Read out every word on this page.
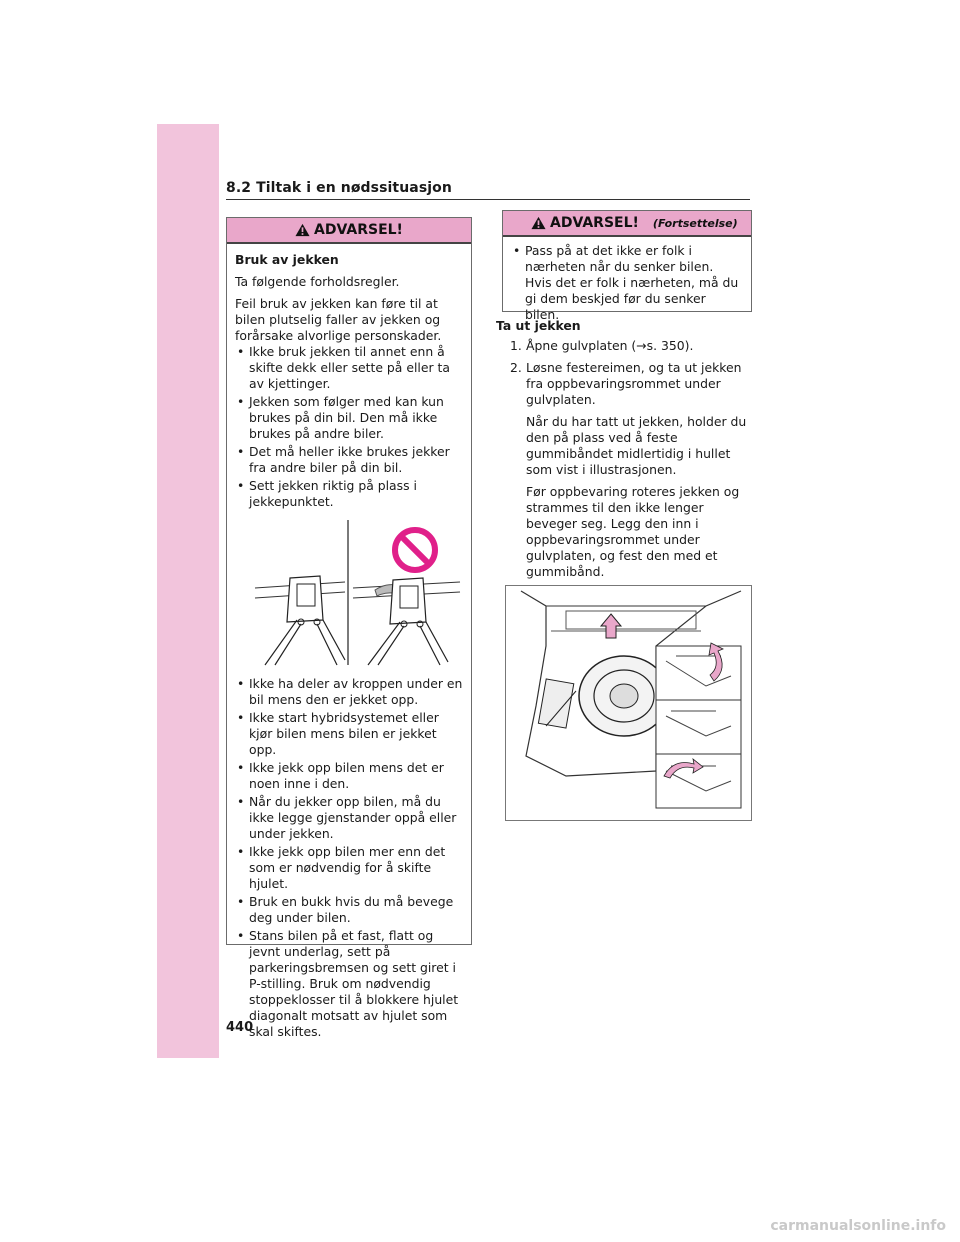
8.2 Tiltak i en nødssituasjon
ADVARSEL!

Bruk av jekken

Ta følgende forholdsregler.

Feil bruk av jekken kan føre til at bilen plutselig faller av jekken og forårsake alvorlige personskader.

• Ikke bruk jekken til annet enn å skifte dekk eller sette på eller ta av kjettinger.
• Jekken som følger med kan kun brukes på din bil. Den må ikke brukes på andre biler.
• Det må heller ikke brukes jekker fra andre biler på din bil.
• Sett jekken riktig på plass i jekkepunktet.
• Ikke ha deler av kroppen under en bil mens den er jekket opp.
• Ikke start hybridsystemet eller kjør bilen mens bilen er jekket opp.
• Ikke jekk opp bilen mens det er noen inne i den.
• Når du jekker opp bilen, må du ikke legge gjenstander oppå eller under jekken.
• Ikke jekk opp bilen mer enn det som er nødvendig for å skifte hjulet.
• Bruk en bukk hvis du må bevege deg under bilen.
• Stans bilen på et fast, flatt og jevnt underlag, sett på parkeringsbremsen og sett giret i P-stilling. Bruk om nødvendig stoppeklosser til å blokkere hjulet diagonalt motsatt av hjulet som skal skiftes.
ADVARSEL! (Fortsettelse)
• Pass på at det ikke er folk i nærheten når du senker bilen. Hvis det er folk i nærheten, må du gi dem beskjed før du senker bilen.
Ta ut jekken
1. Åpne gulvplaten (→s. 350).

2. Løsne festereimen, og ta ut jekken fra oppbevaringsrommet under gulvplaten.

Når du har tatt ut jekken, holder du den på plass ved å feste gummibåndet midlertidig i hullet som vist i illustrasjonen.

Før oppbevaring roteres jekken og strammes til den ikke lenger beveger seg. Legg den inn i oppbevaringsrommet under gulvplaten, og fest den med et gummibånd.

440
carmanualsonline.info
